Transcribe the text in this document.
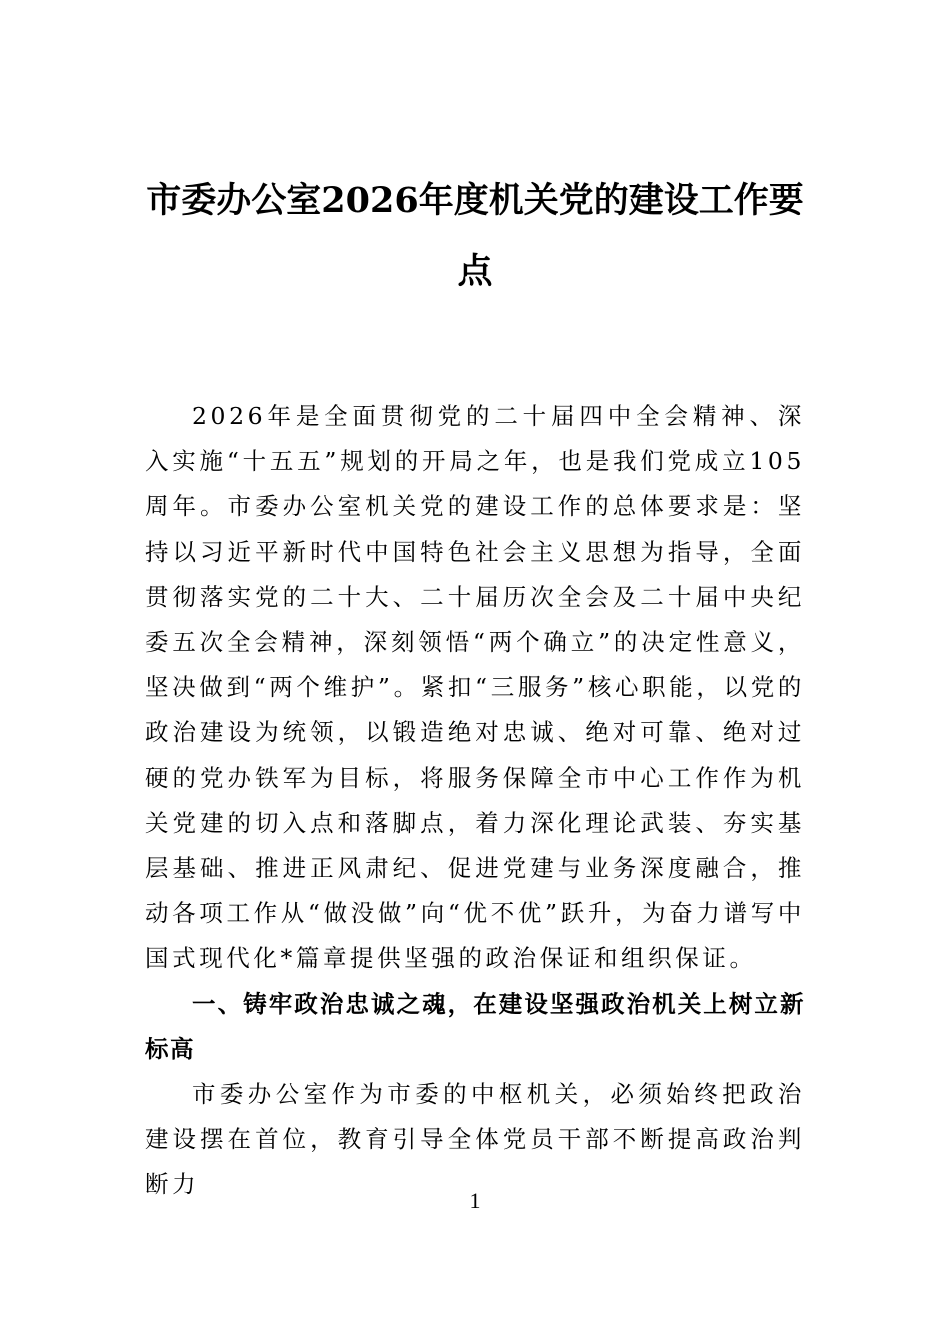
市委办公室2026年度机关党的建设工作要点

2026年是全面贯彻党的二十届四中全会精神、深入实施“十五五”规划的开局之年，也是我们党成立105周年。市委办公室机关党的建设工作的总体要求是：坚持以习近平新时代中国特色社会主义思想为指导，全面贯彻落实党的二十大、二十届历次全会及二十届中央纪委五次全会精神，深刻领悟“两个确立”的决定性意义，坚决做到“两个维护”。紧扣“三服务”核心职能，以党的政治建设为统领，以锻造绝对忠诚、绝对可靠、绝对过硬的党办铁军为目标，将服务保障全市中心工作作为机关党建的切入点和落脚点，着力深化理论武装、夯实基层基础、推进正风肃纪、促进党建与业务深度融合，推动各项工作从“做没做”向“优不优”跃升，为奋力谱写中国式现代化*篇章提供坚强的政治保证和组织保证。

一、铸牢政治忠诚之魂，在建设坚强政治机关上树立新标高

市委办公室作为市委的中枢机关，必须始终把政治建设摆在首位，教育引导全体党员干部不断提高政治判断力

1
